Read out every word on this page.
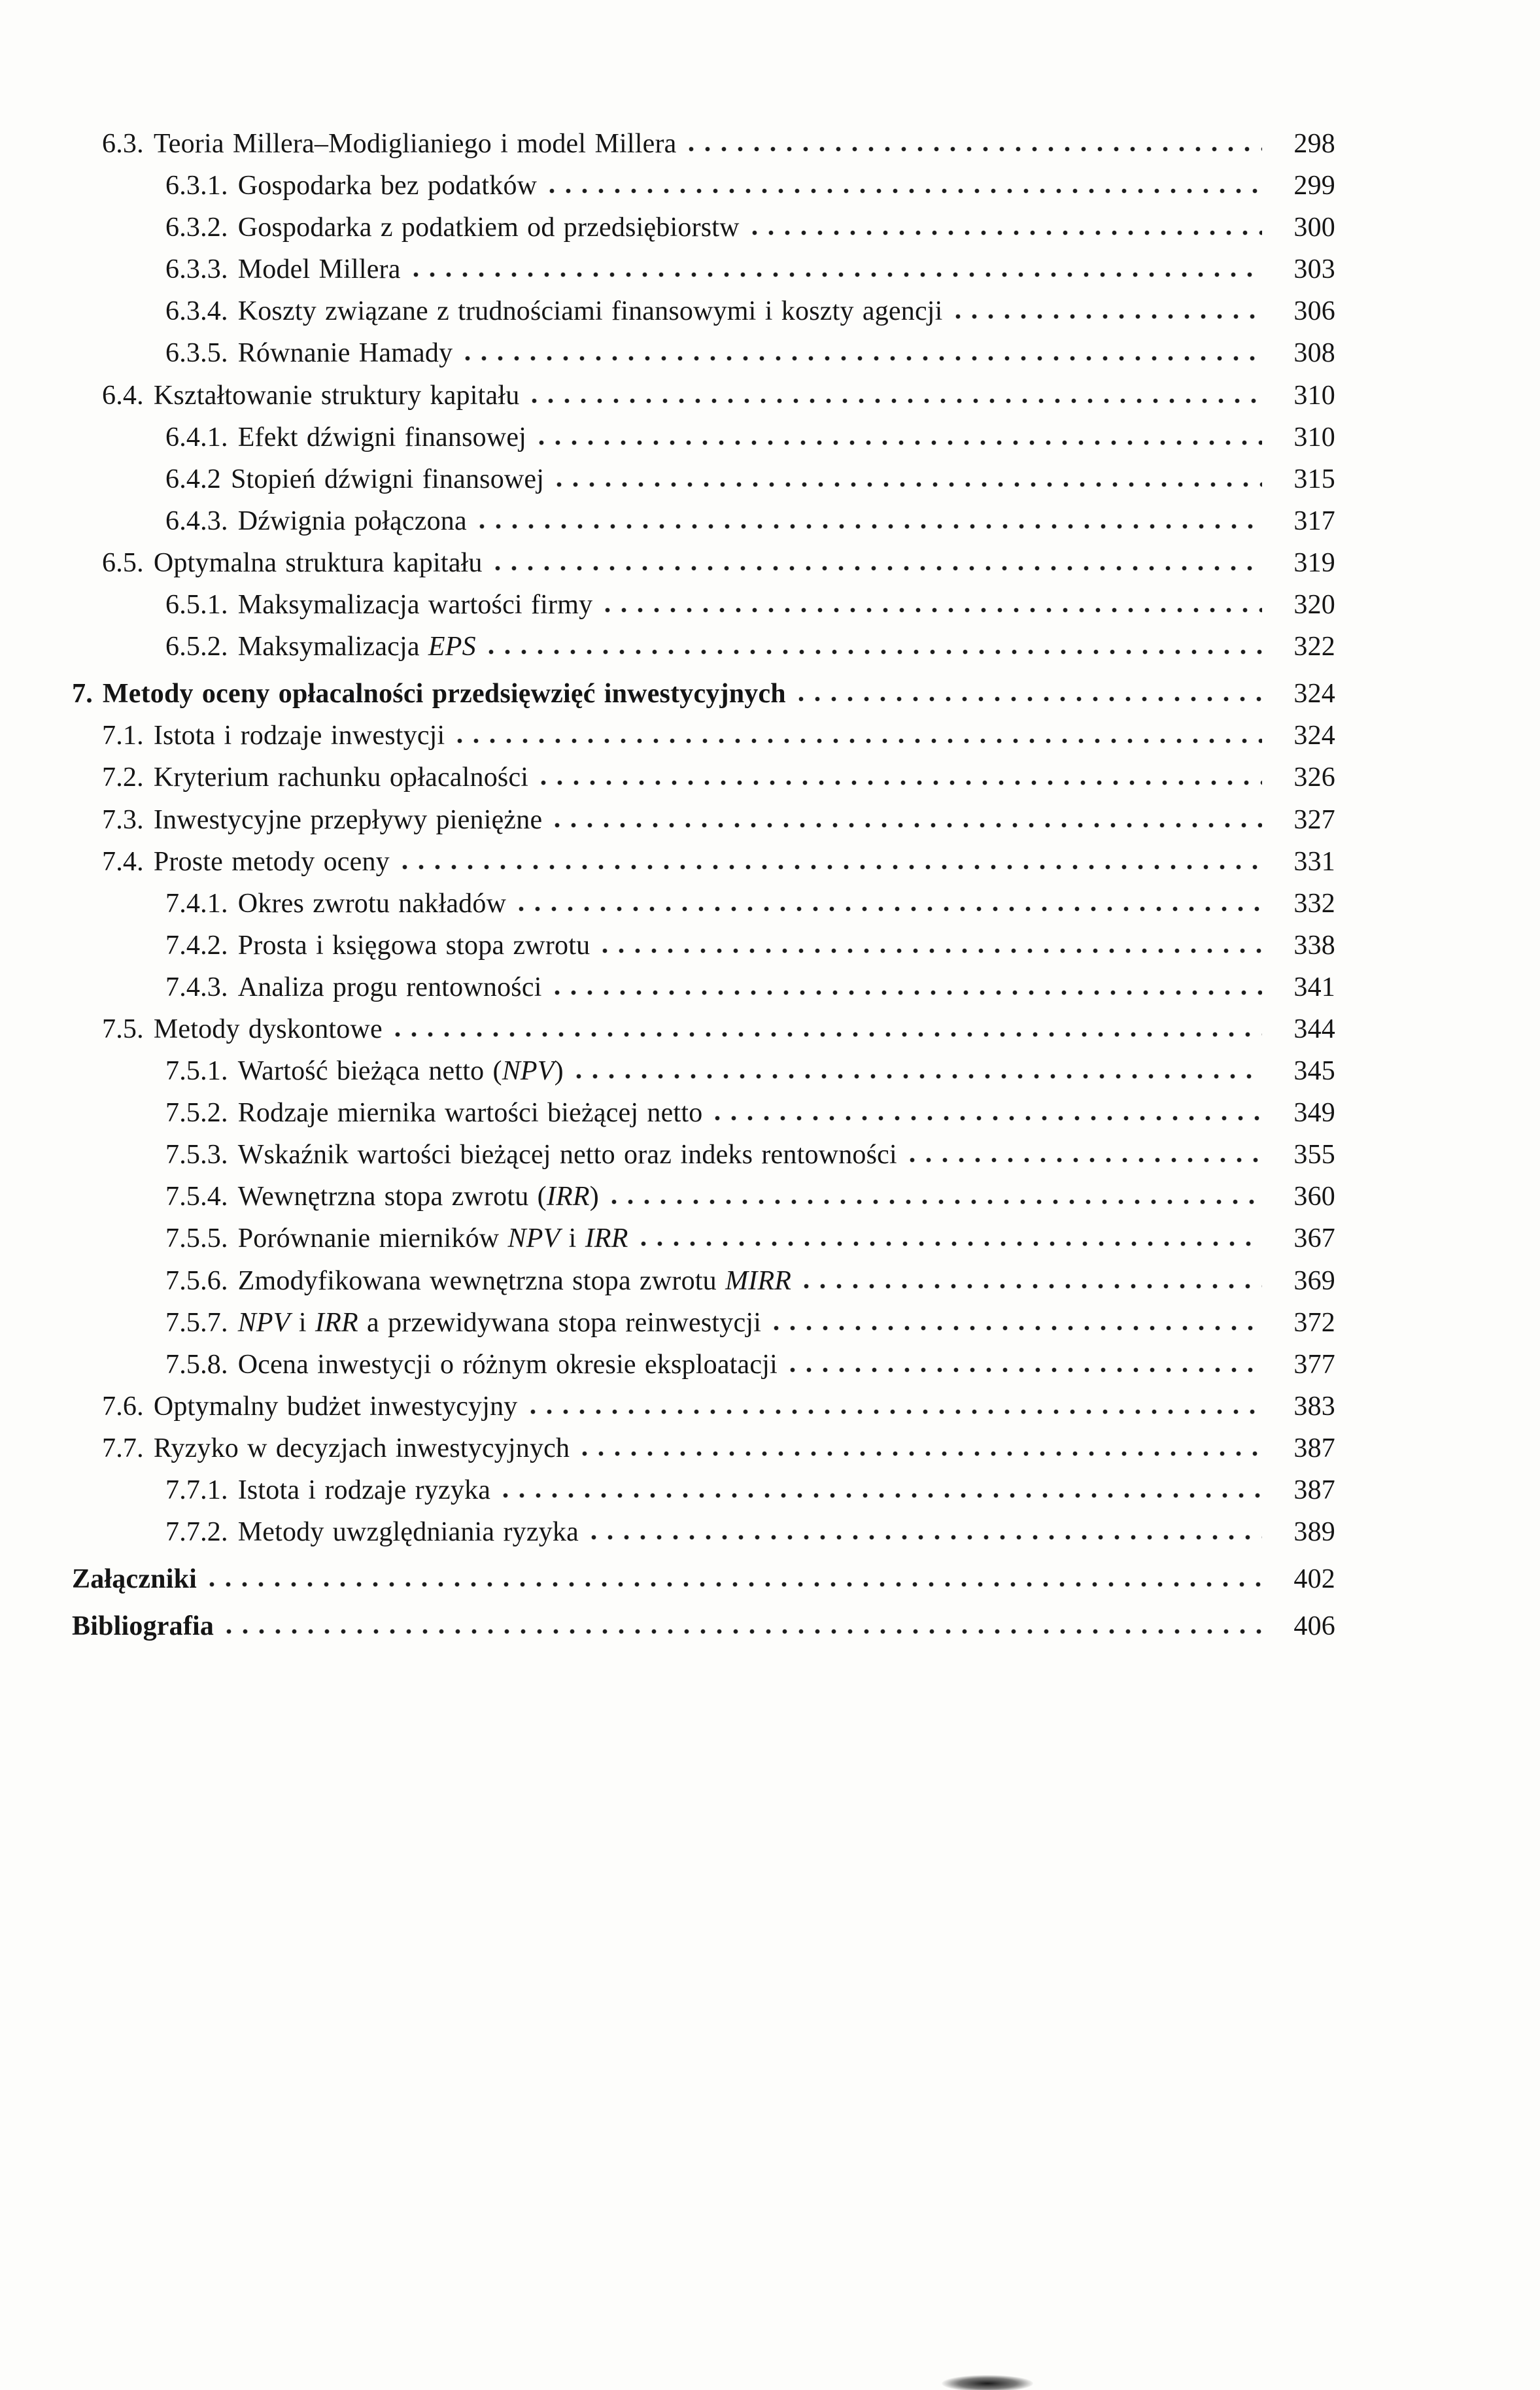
6.3. Teoria Millera–Modiglianiego i model Millera	298
6.3.1. Gospodarka bez podatków	299
6.3.2. Gospodarka z podatkiem od przedsiębiorstw	300
6.3.3. Model Millera	303
6.3.4. Koszty związane z trudnościami finansowymi i koszty agencji	306
6.3.5. Równanie Hamady	308
6.4. Kształtowanie struktury kapitału	310
6.4.1. Efekt dźwigni finansowej	310
6.4.2 Stopień dźwigni finansowej	315
6.4.3. Dźwignia połączona	317
6.5. Optymalna struktura kapitału	319
6.5.1. Maksymalizacja wartości firmy	320
6.5.2. Maksymalizacja EPS	322
7. Metody oceny opłacalności przedsięwzięć inwestycyjnych	324
7.1. Istota i rodzaje inwestycji	324
7.2. Kryterium rachunku opłacalności	326
7.3. Inwestycyjne przepływy pieniężne	327
7.4. Proste metody oceny	331
7.4.1. Okres zwrotu nakładów	332
7.4.2. Prosta i księgowa stopa zwrotu	338
7.4.3. Analiza progu rentowności	341
7.5. Metody dyskontowe	344
7.5.1. Wartość bieżąca netto (NPV)	345
7.5.2. Rodzaje miernika wartości bieżącej netto	349
7.5.3. Wskaźnik wartości bieżącej netto oraz indeks rentowności	355
7.5.4. Wewnętrzna stopa zwrotu (IRR)	360
7.5.5. Porównanie mierników NPV i IRR	367
7.5.6. Zmodyfikowana wewnętrzna stopa zwrotu MIRR	369
7.5.7. NPV i IRR a przewidywana stopa reinwestycji	372
7.5.8. Ocena inwestycji o różnym okresie eksploatacji	377
7.6. Optymalny budżet inwestycyjny	383
7.7. Ryzyko w decyzjach inwestycyjnych	387
7.7.1. Istota i rodzaje ryzyka	387
7.7.2. Metody uwzględniania ryzyka	389
Załączniki	402
Bibliografia	406
